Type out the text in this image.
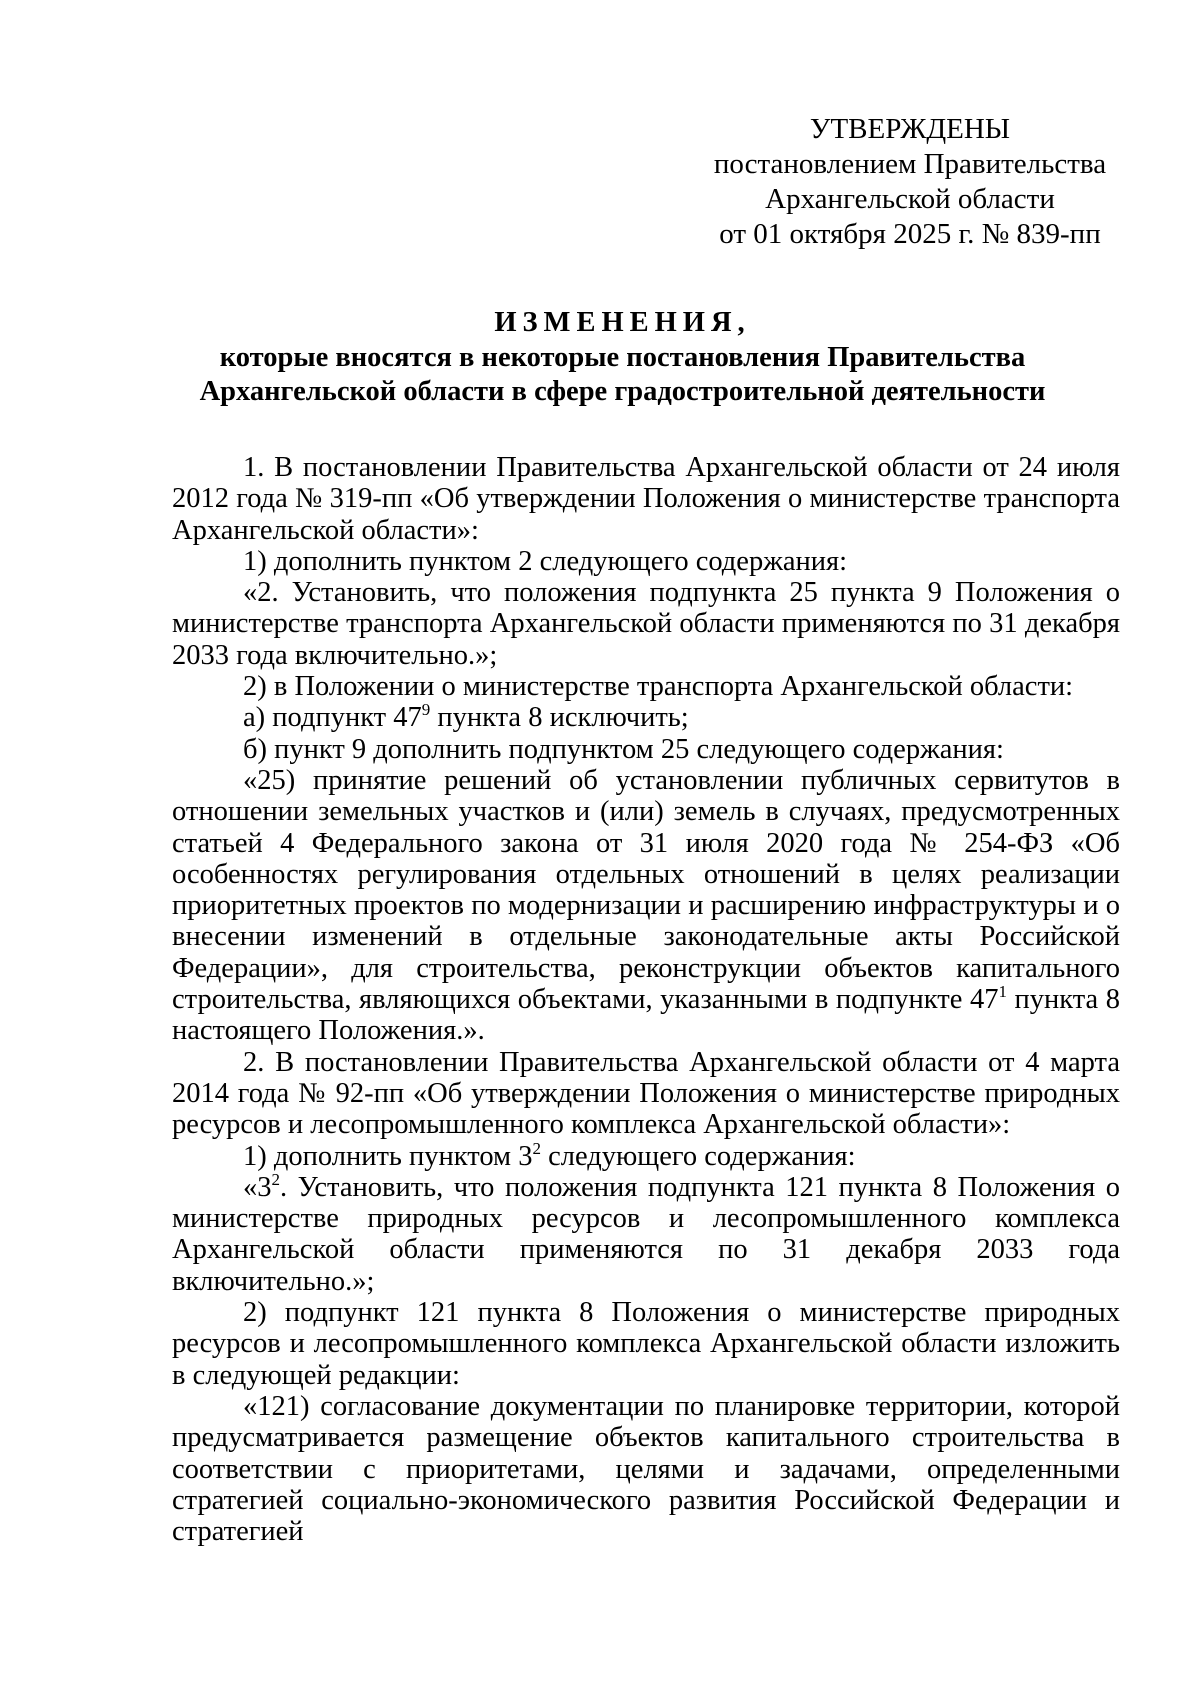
УТВЕРЖДЕНЫ
постановлением Правительства
Архангельской области
от 01 октября 2025 г. № 839-пп
ИЗМЕНЕНИЯ,
которые вносятся в некоторые постановления Правительства
Архангельской области в сфере градостроительной деятельности

1. В постановлении Правительства Архангельской области от 24 июля 2012 года № 319-пп «Об утверждении Положения о министерстве транспорта Архангельской области»:

1) дополнить пунктом 2 следующего содержания:

«2. Установить, что положения подпункта 25 пункта 9 Положения о министерстве транспорта Архангельской области применяются по 31 декабря 2033 года включительно.»;

2) в Положении о министерстве транспорта Архангельской области:

а) подпункт $47^9$ пункта 8 исключить;

б) пункт 9 дополнить подпунктом 25 следующего содержания:

«25) принятие решений об установлении публичных сервитутов в отношении земельных участков и (или) земель в случаях, предусмотренных статьей 4 Федерального закона от 31 июля 2020 года № 254-ФЗ «Об особенностях регулирования отдельных отношений в целях реализации приоритетных проектов по модернизации и расширению инфраструктуры и о внесении изменений в отдельные законодательные акты Российской Федерации», для строительства, реконструкции объектов капитального строительства, являющихся объектами, указанными в подпункте $47^1$ пункта 8 настоящего Положения.».

2. В постановлении Правительства Архангельской области от 4 марта 2014 года № 92-пп «Об утверждении Положения о министерстве природных ресурсов и лесопромышленного комплекса Архангельской области»:

1) дополнить пунктом $3^2$ следующего содержания:

«$3^2$. Установить, что положения подпункта 121 пункта 8 Положения о министерстве природных ресурсов и лесопромышленного комплекса Архангельской области применяются по 31 декабря 2033 года включительно.»;

2) подпункт 121 пункта 8 Положения о министерстве природных ресурсов и лесопромышленного комплекса Архангельской области изложить в следующей редакции:

«121) согласование документации по планировке территории, которой предусматривается размещение объектов капитального строительства в соответствии с приоритетами, целями и задачами, определенными стратегией социально-экономического развития Российской Федерации и стратегией
